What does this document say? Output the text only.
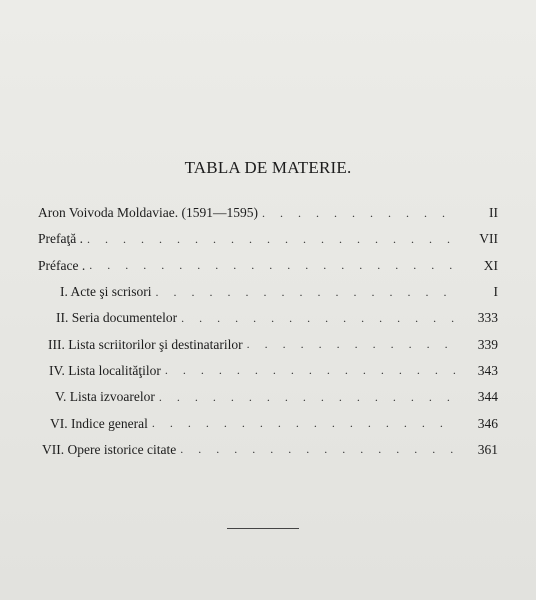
TABLA DE MATERIE.
Aron Voivoda Moldaviae. (1591—1595) . . .	II
Prefaţă . . . .	VII
Préface . . . .	XI
I. Acte şi scrisori . . .	I
II. Seria documentelor . . .	333
III. Lista scriitorilor şi destinatarilor . . .	339
IV. Lista localităţilor . . .	343
V. Lista izvoarelor . . .	344
VI. Indice general . . .	346
VII. Opere istorice citate . . .	361
